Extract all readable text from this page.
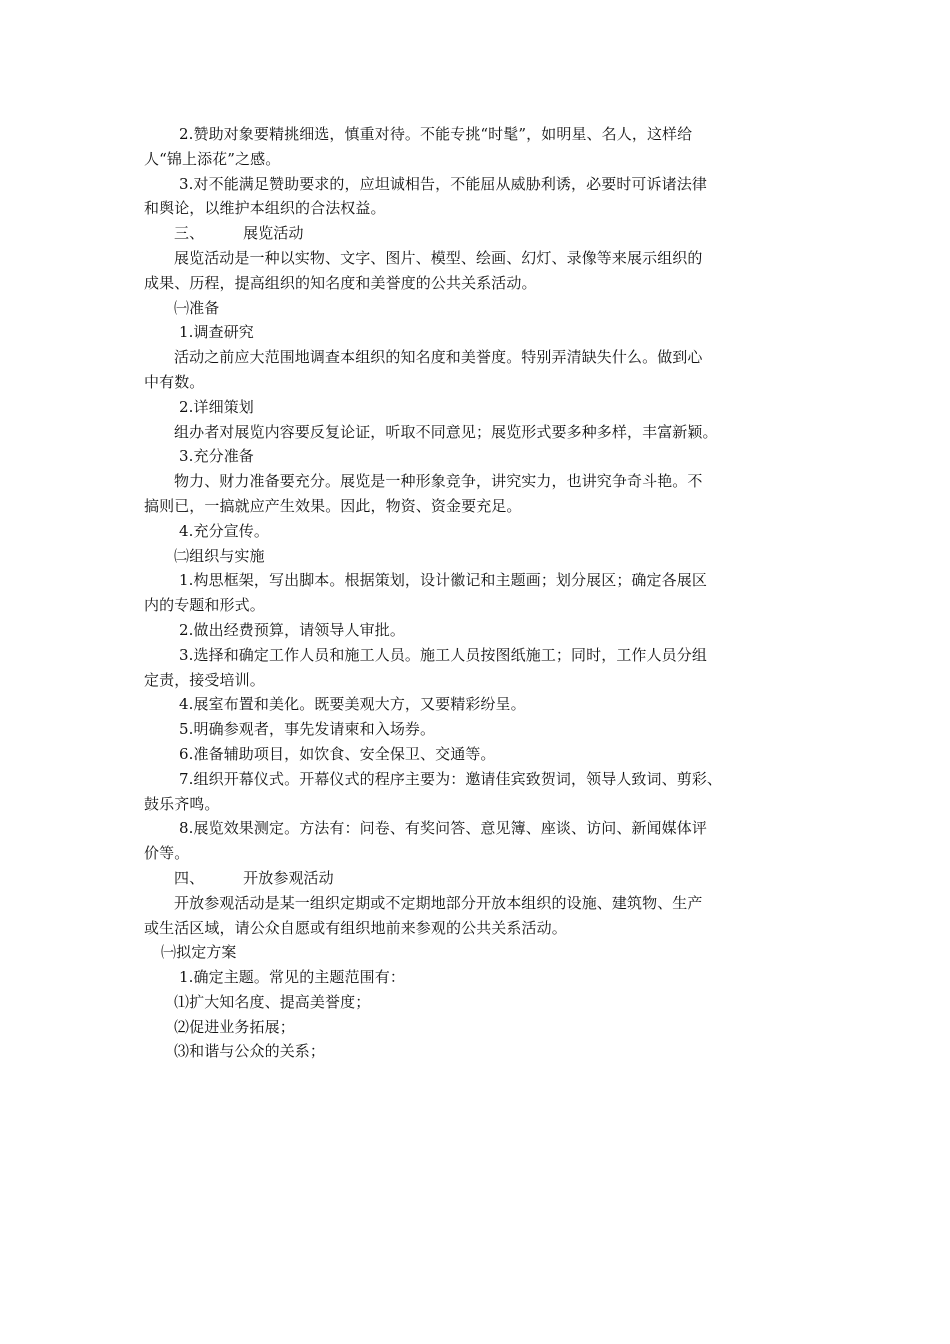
2.赞助对象要精挑细选，慎重对待。不能专挑“时髦”，如明星、名人，这样给
人“锦上添花”之感。
3.对不能满足赞助要求的，应坦诚相告，不能屈从威胁利诱，必要时可诉诸法律
和舆论，以维护本组织的合法权益。
三、        展览活动
展览活动是一种以实物、文字、图片、模型、绘画、幻灯、录像等来展示组织的
成果、历程，提高组织的知名度和美誉度的公共关系活动。
㈠准备
1.调查研究
活动之前应大范围地调查本组织的知名度和美誉度。特别弄清缺失什么。做到心
中有数。
2.详细策划
组办者对展览内容要反复论证，听取不同意见；展览形式要多种多样，丰富新颖。
3.充分准备
物力、财力准备要充分。展览是一种形象竞争，讲究实力，也讲究争奇斗艳。不
搞则已，一搞就应产生效果。因此，物资、资金要充足。
4.充分宣传。
㈡组织与实施
1.构思框架，写出脚本。根据策划，设计徽记和主题画；划分展区；确定各展区
内的专题和形式。
2.做出经费预算，请领导人审批。
3.选择和确定工作人员和施工人员。施工人员按图纸施工；同时，工作人员分组
定责，接受培训。
4.展室布置和美化。既要美观大方，又要精彩纷呈。
5.明确参观者，事先发请柬和入场券。
6.准备辅助项目，如饮食、安全保卫、交通等。
7.组织开幕仪式。开幕仪式的程序主要为：邀请佳宾致贺词，领导人致词、剪彩、
鼓乐齐鸣。
8.展览效果测定。方法有：问卷、有奖问答、意见簿、座谈、访问、新闻媒体评
价等。
四、        开放参观活动
开放参观活动是某一组织定期或不定期地部分开放本组织的设施、建筑物、生产
或生活区域，请公众自愿或有组织地前来参观的公共关系活动。
㈠拟定方案
1.确定主题。常见的主题范围有：
⑴扩大知名度、提高美誉度；
⑵促进业务拓展；
⑶和谐与公众的关系；
